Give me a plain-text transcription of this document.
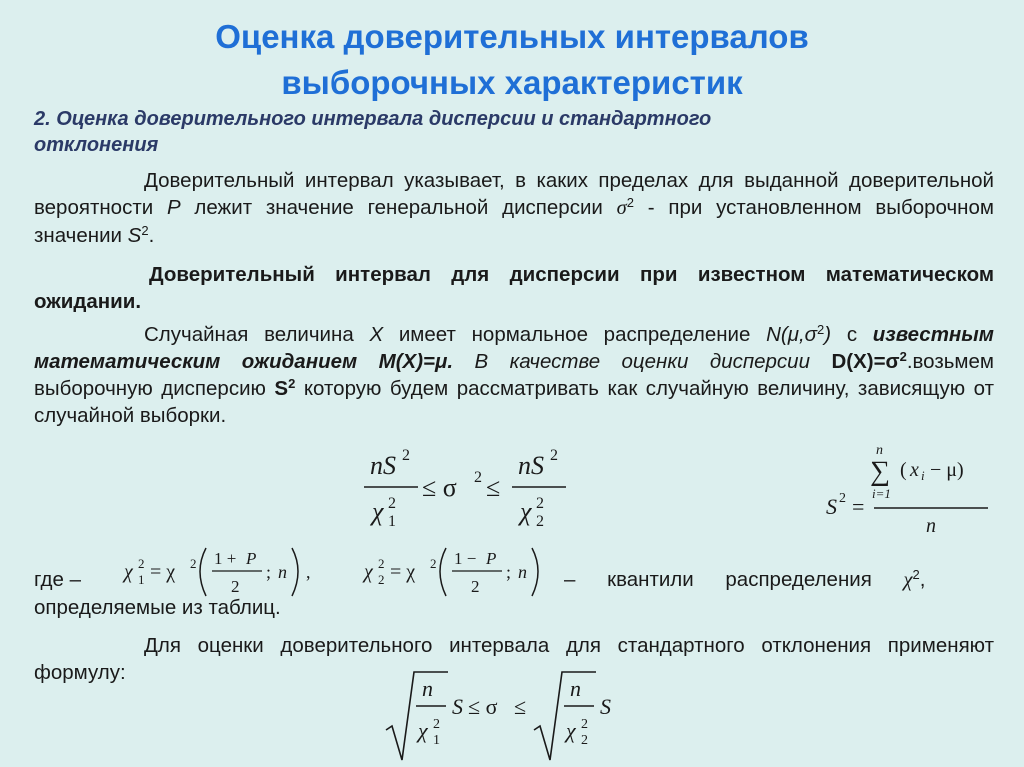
Оценка доверительных интервалов
выборочных характеристик
2. Оценка доверительного интервала дисперсии и стандартного
отклонения
Доверительный интервал указывает, в каких пределах для выданной доверительной вероятности P лежит значение генеральной дисперсии $\sigma^2$ - при установленном выборочном значении $S^2$.
Доверительный интервал для дисперсии при известном математическом ожидании.
Случайная величина X имеет нормальное распределение $N(\mu,\sigma^2)$ с известным математическим ожиданием M(X)=μ. В качестве оценки дисперсии $D(X)=\sigma^2.возьмем$ выборочную дисперсию $S^2$ которую будем рассматривать как случайную величину, зависящую от случайной выборки.
nS 2
χ 2
1
≤ σ 2 ≤
nS 2
χ 2
2
n
∑
i=1
( x i − μ)
S 2 =
n
где –	χ 2
1 = χ 2 1 + P
2
; n ,	χ 2
2 = χ 2 1 − P
2
; n – квантили распределения $\chi^2$,
определяемые из таблиц.
Для оценки доверительного интервала для стандартного отклонения применяют формулу:
n
χ 2
1
S ≤ σ ≤
n
χ 2
2
S
